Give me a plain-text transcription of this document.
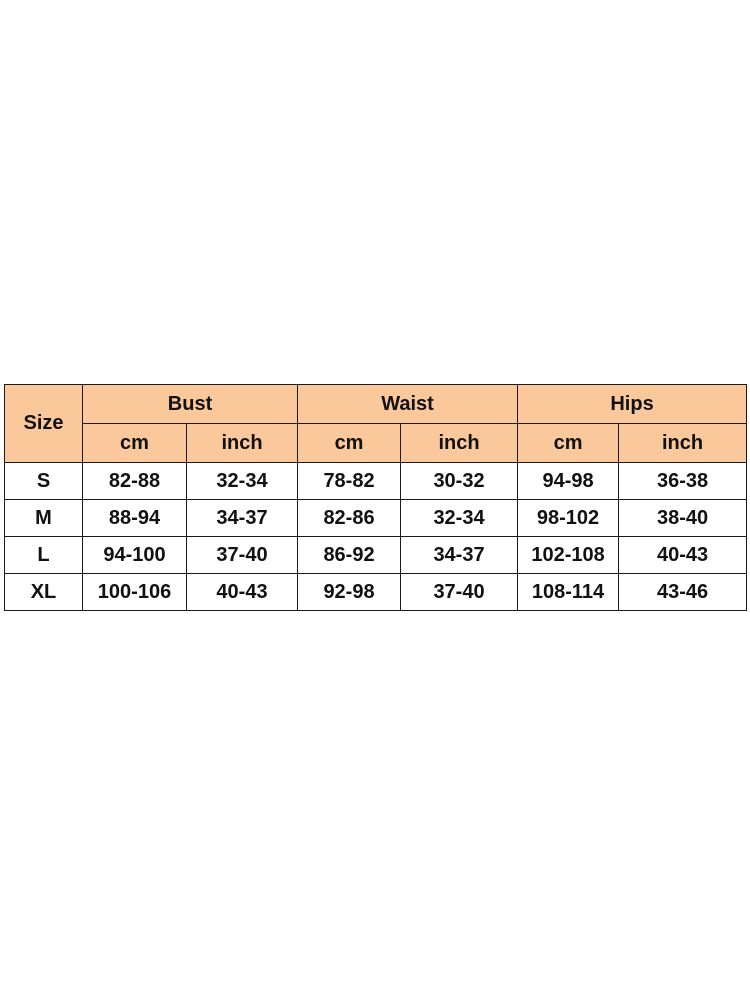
Size	Bust		Waist		Hips	
	cm	inch	cm	inch	cm	inch
S	82-88	32-34	78-82	30-32	94-98	36-38
M	88-94	34-37	82-86	32-34	98-102	38-40
L	94-100	37-40	86-92	34-37	102-108	40-43
XL	100-106	40-43	92-98	37-40	108-114	43-46
